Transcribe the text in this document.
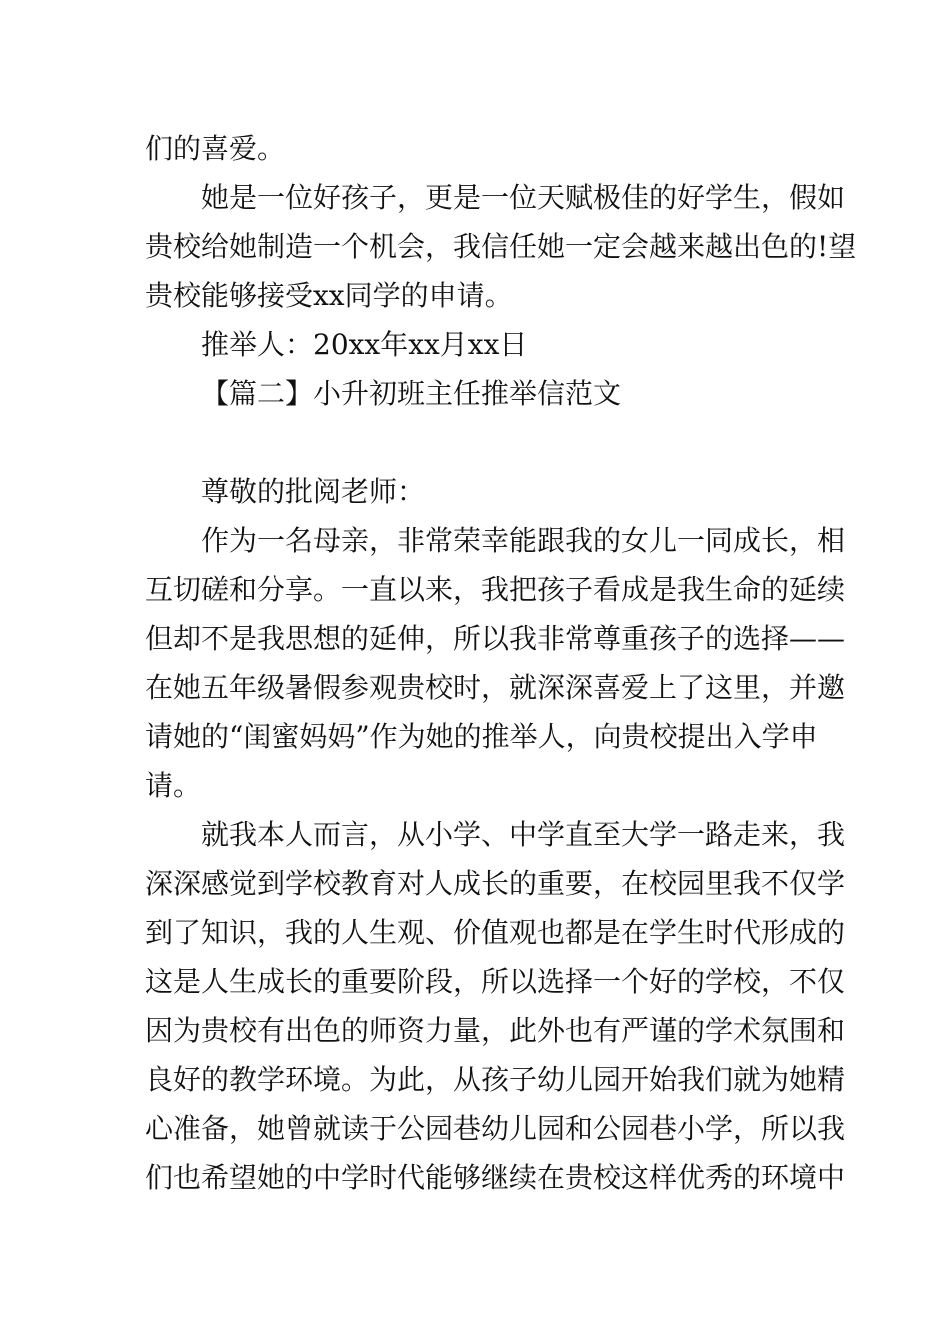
们的喜爱。
她是一位好孩子，更是一位天赋极佳的好学生，假如
贵校给她制造一个机会，我信任她一定会越来越出色的!望
贵校能够接受xx同学的申请。
推举人：20xx年xx月xx日
【篇二】小升初班主任推举信范文
尊敬的批阅老师：
作为一名母亲，非常荣幸能跟我的女儿一同成长，相
互切磋和分享。一直以来，我把孩子看成是我生命的延续
但却不是我思想的延伸，所以我非常尊重孩子的选择——
在她五年级暑假参观贵校时，就深深喜爱上了这里，并邀
请她的“闺蜜妈妈”作为她的推举人，向贵校提出入学申
请。
就我本人而言，从小学、中学直至大学一路走来，我
深深感觉到学校教育对人成长的重要，在校园里我不仅学
到了知识，我的人生观、价值观也都是在学生时代形成的
这是人生成长的重要阶段，所以选择一个好的学校，不仅
因为贵校有出色的师资力量，此外也有严谨的学术氛围和
良好的教学环境。为此，从孩子幼儿园开始我们就为她精
心准备，她曾就读于公园巷幼儿园和公园巷小学，所以我
们也希望她的中学时代能够继续在贵校这样优秀的环境中
